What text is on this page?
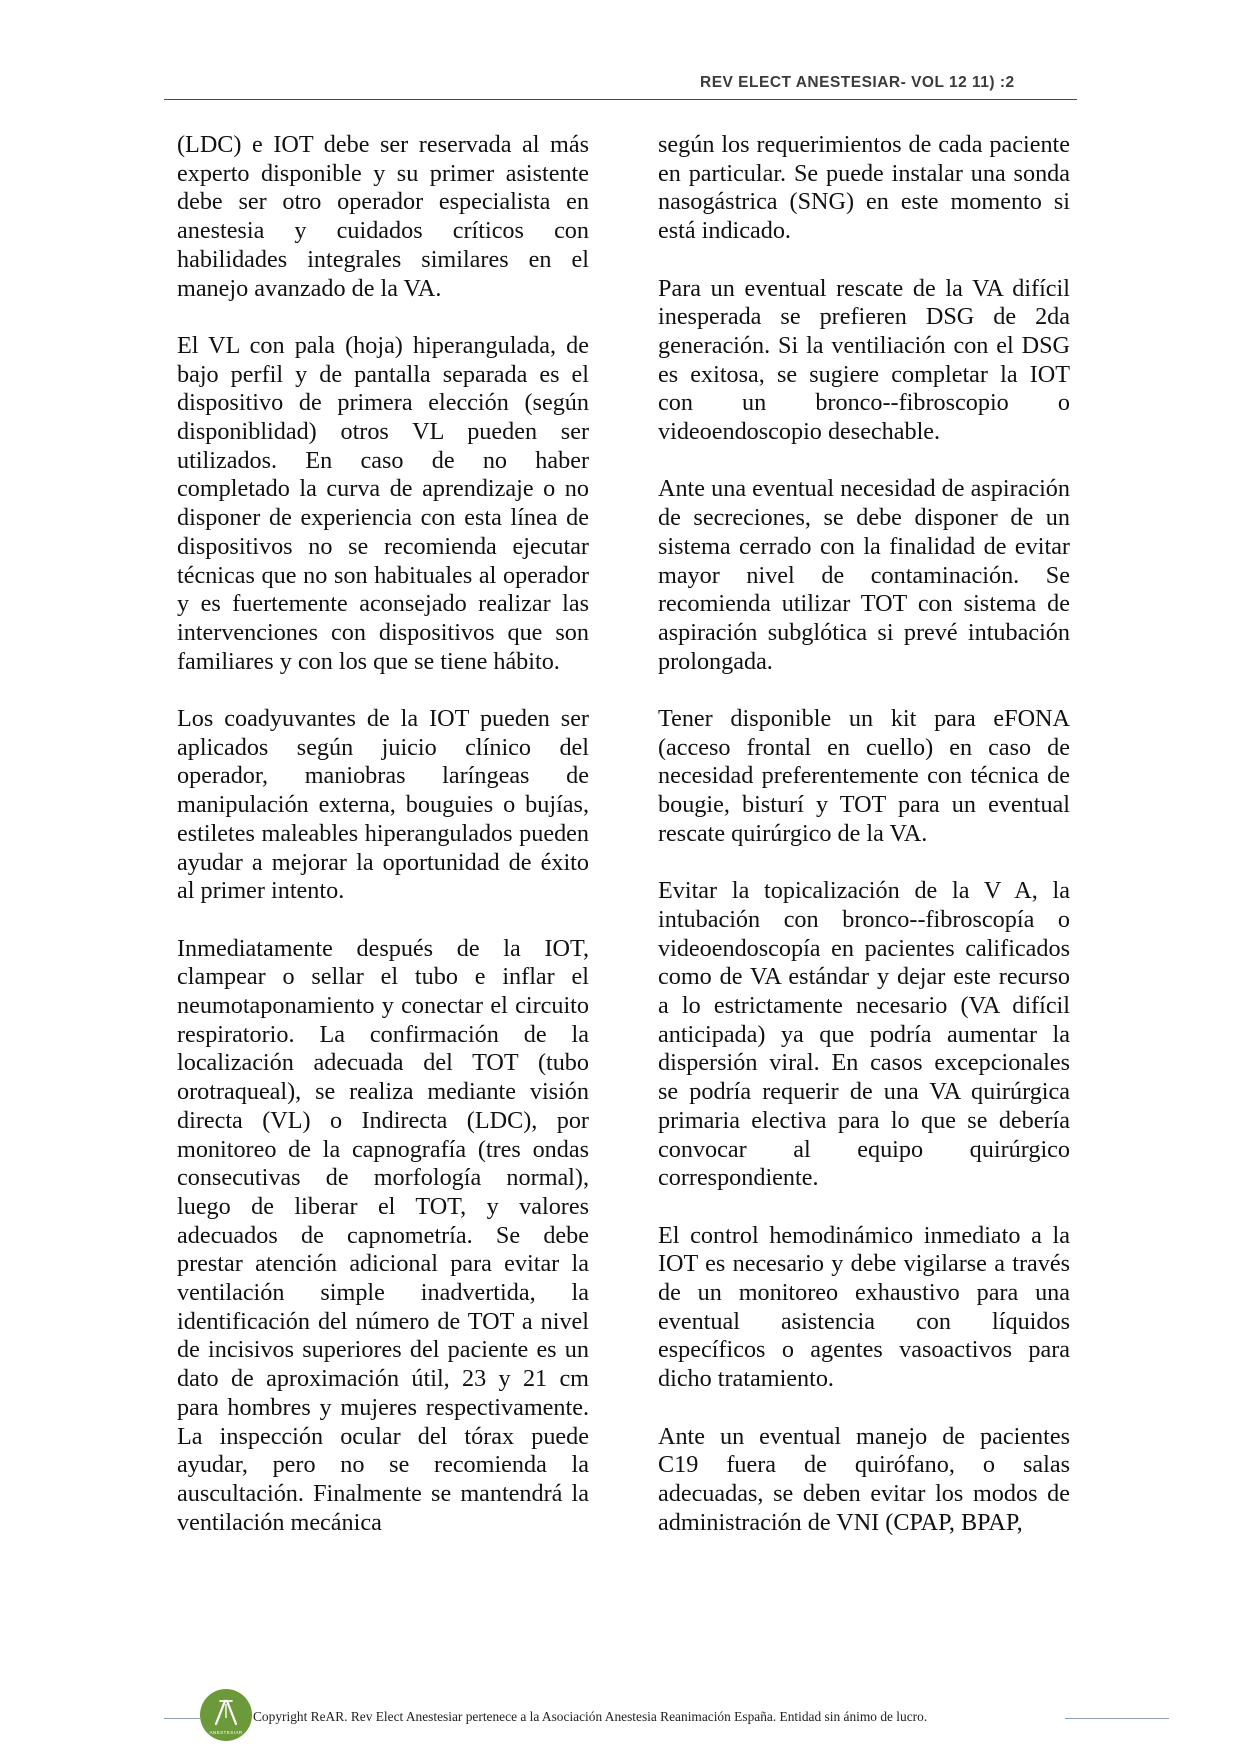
REV ELECT ANESTESIAR- VOL 12 11) :2

(LDC) e IOT debe ser reservada al más experto disponible y su primer asistente debe ser otro operador especialista en anestesia y cuidados críticos con habilidades integrales similares en el manejo avanzado de la VA.

El VL con pala (hoja) hiperangulada, de bajo perfil y de pantalla separada es el dispositivo de primera elección (según disponiblidad) otros VL pueden ser utilizados. En caso de no haber completado la curva de aprendizaje o no disponer de experiencia con esta línea de dispositivos no se recomienda ejecutar técnicas que no son habituales al operador y es fuertemente aconsejado realizar las intervenciones con dispositivos que son familiares y con los que se tiene hábito.

Los coadyuvantes de la IOT pueden ser aplicados según juicio clínico del operador, maniobras laríngeas de manipulación externa, bouguies o bujías, estiletes maleables hiperangulados pueden ayudar a mejorar la oportunidad de éxito al primer intento.

Inmediatamente después de la IOT, clampear o sellar el tubo e inflar el neumotaponamiento y conectar el circuito respiratorio. La confirmación de la localización adecuada del TOT (tubo orotraqueal), se realiza mediante visión directa (VL) o Indirecta (LDC), por monitoreo de la capnografía (tres ondas consecutivas de morfología normal), luego de liberar el TOT, y valores adecuados de capnometría. Se debe prestar atención adicional para evitar la ventilación simple inadvertida, la identificación del número de TOT a nivel de incisivos superiores del paciente es un dato de aproximación útil, 23 y 21 cm para hombres y mujeres respectivamente. La inspección ocular del tórax puede ayudar, pero no se recomienda la auscultación. Finalmente se mantendrá la ventilación mecánica

según los requerimientos de cada paciente en particular. Se puede instalar una sonda nasogástrica (SNG) en este momento si está indicado.

Para un eventual rescate de la VA difícil inesperada se prefieren DSG de 2da generación. Si la ventiliación con el DSG es exitosa, se sugiere completar la IOT con un bronco--fibroscopio o videoendoscopio desechable.

Ante una eventual necesidad de aspiración de secreciones, se debe disponer de un sistema cerrado con la finalidad de evitar mayor nivel de contaminación. Se recomienda utilizar TOT con sistema de aspiración subglótica si prevé intubación prolongada.

Tener disponible un kit para eFONA (acceso frontal en cuello) en caso de necesidad preferentemente con técnica de bougie, bisturí y TOT para un eventual rescate quirúrgico de la VA.

Evitar la topicalización de la V A, la intubación con bronco--fibroscopía o videoendoscopía en pacientes calificados como de VA estándar y dejar este recurso a lo estrictamente necesario (VA difícil anticipada) ya que podría aumentar la dispersión viral. En casos excepcionales se podría requerir de una VA quirúrgica primaria electiva para lo que se debería convocar al equipo quirúrgico correspondiente.

El control hemodinámico inmediato a la IOT es necesario y debe vigilarse a través de un monitoreo exhaustivo para una eventual asistencia con líquidos específicos o agentes vasoactivos para dicho tratamiento.

Ante un eventual manejo de pacientes C19 fuera de quirófano, o salas adecuadas, se deben evitar los modos de administración de VNI (CPAP, BPAP,

ANESTESIAR
Copyright ReAR. Rev Elect Anestesiar pertenece a la Asociación Anestesia Reanimación España. Entidad sin ánimo de lucro.
